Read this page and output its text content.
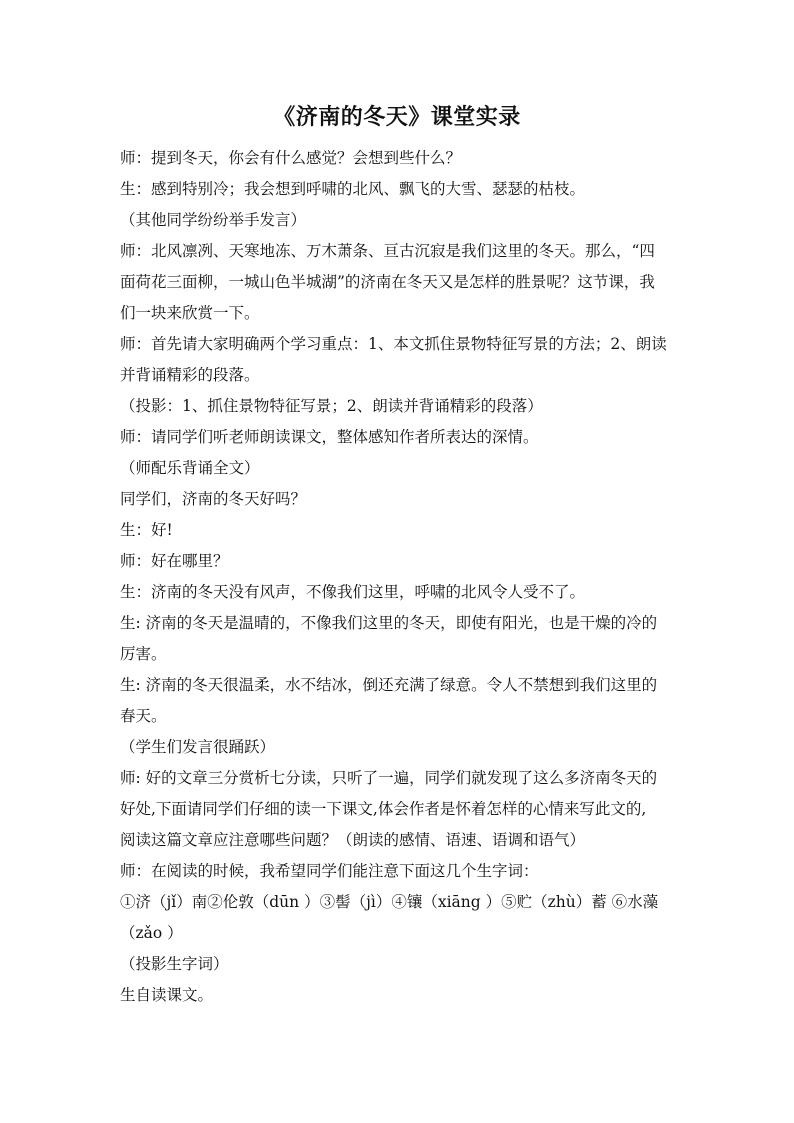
《济南的冬天》课堂实录
师：提到冬天，你会有什么感觉？会想到些什么？
生：感到特别冷；我会想到呼啸的北风、飘飞的大雪、瑟瑟的枯枝。
（其他同学纷纷举手发言）
师：北风凛冽、天寒地冻、万木萧条、亘古沉寂是我们这里的冬天。那么，“四
面荷花三面柳，一城山色半城湖”的济南在冬天又是怎样的胜景呢？这节课，我
们一块来欣赏一下。
师：首先请大家明确两个学习重点：1、本文抓住景物特征写景的方法；2、朗读
并背诵精彩的段落。
（投影：1、抓住景物特征写景；2、朗读并背诵精彩的段落）
师：请同学们听老师朗读课文，整体感知作者所表达的深情。
（师配乐背诵全文）
同学们，济南的冬天好吗？
生：好!
师：好在哪里？
生：济南的冬天没有风声，不像我们这里，呼啸的北风令人受不了。
生: 济南的冬天是温晴的，不像我们这里的冬天，即使有阳光，也是干燥的冷的
厉害。
生: 济南的冬天很温柔，水不结冰，倒还充满了绿意。令人不禁想到我们这里的
春天。
（学生们发言很踊跃）
师: 好的文章三分赏析七分读，只听了一遍，同学们就发现了这么多济南冬天的
好处,下面请同学们仔细的读一下课文,体会作者是怀着怎样的心情来写此文的,
阅读这篇文章应注意哪些问题？（朗读的感情、语速、语调和语气）
师：在阅读的时候，我希望同学们能注意下面这几个生字词：
①济（jǐ）南②伦敦（dūn ）③髻（jì）④镶（xiāng ）⑤贮（zhù）蓄 ⑥水藻
（zǎo ）
（投影生字词）
生自读课文。
